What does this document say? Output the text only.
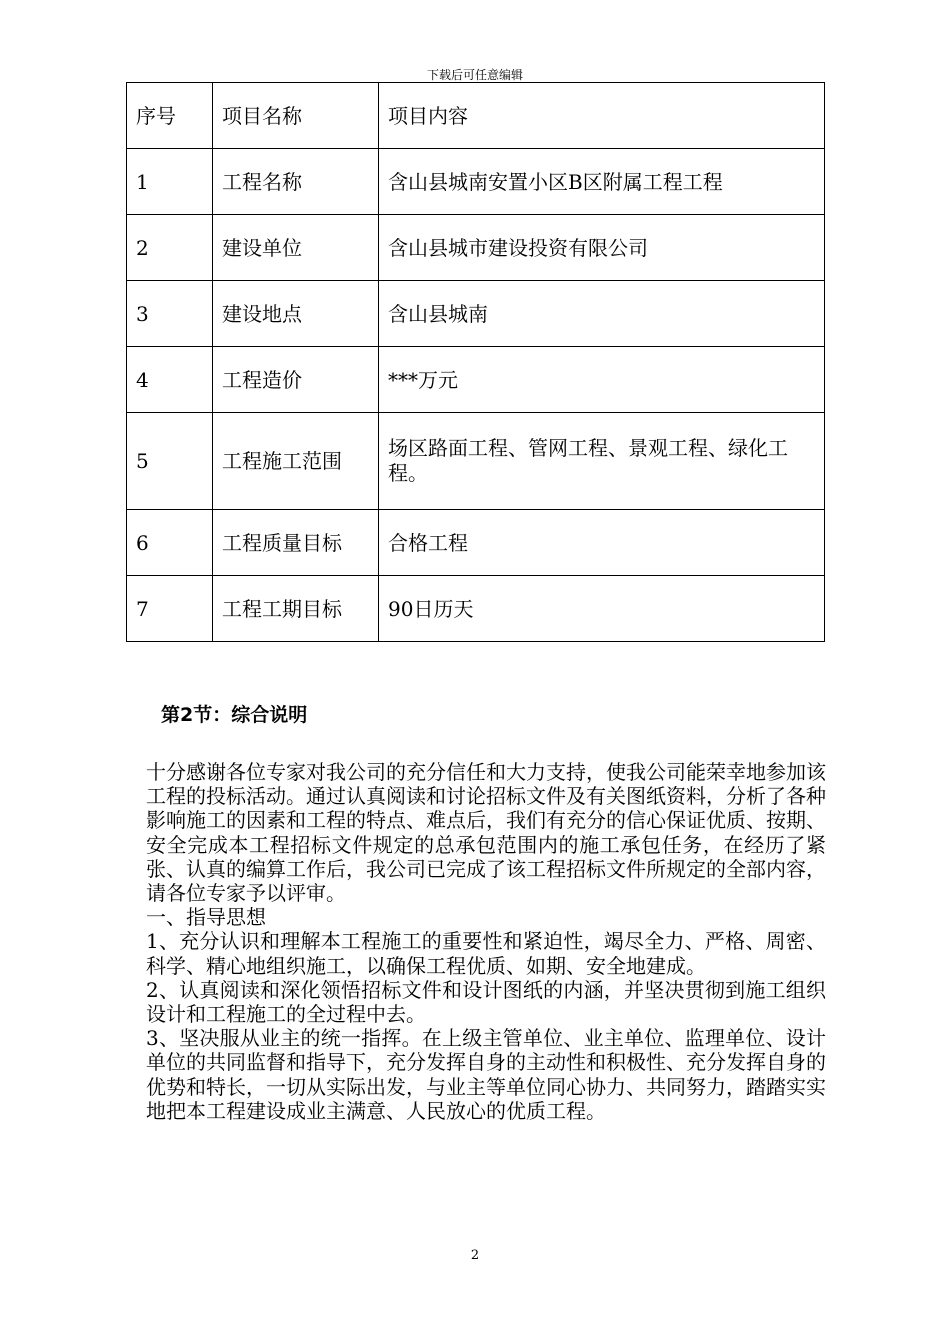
下载后可任意编辑
序号	项目名称	项目内容
1	工程名称	含山县城南安置小区B区附属工程工程
2	建设单位	含山县城市建设投资有限公司
3	建设地点	含山县城南
4	工程造价	***万元
5	工程施工范围	场区路面工程、管网工程、景观工程、绿化工程。
6	工程质量目标	合格工程
7	工程工期目标	90日历天
第2节：综合说明

十分感谢各位专家对我公司的充分信任和大力支持，使我公司能荣幸地参加该工程的投标活动。通过认真阅读和讨论招标文件及有关图纸资料，分析了各种影响施工的因素和工程的特点、难点后，我们有充分的信心保证优质、按期、安全完成本工程招标文件规定的总承包范围内的施工承包任务，在经历了紧张、认真的编算工作后，我公司已完成了该工程招标文件所规定的全部内容，请各位专家予以评审。

一、指导思想

1、充分认识和理解本工程施工的重要性和紧迫性，竭尽全力、严格、周密、科学、精心地组织施工，以确保工程优质、如期、安全地建成。

2、认真阅读和深化领悟招标文件和设计图纸的内涵，并坚决贯彻到施工组织设计和工程施工的全过程中去。

3、坚决服从业主的统一指挥。在上级主管单位、业主单位、监理单位、设计单位的共同监督和指导下，充分发挥自身的主动性和积极性、充分发挥自身的优势和特长，一切从实际出发，与业主等单位同心协力、共同努力，踏踏实实地把本工程建设成业主满意、人民放心的优质工程。

2
